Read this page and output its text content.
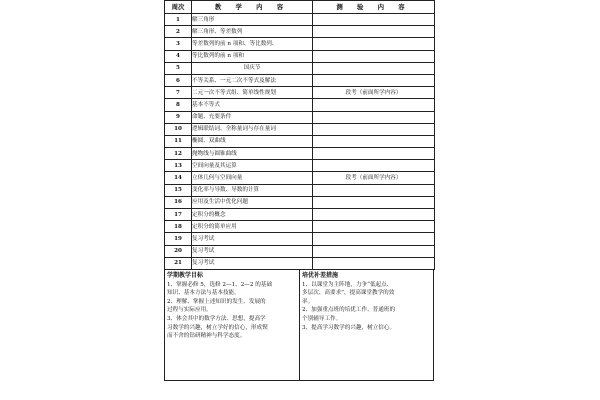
周次	教 学 内 容	测 验 内 容
1	解三角形	
2	解三角形、等差数列	
3	等差数列的前 n 项和、等比数列、	
4	等比数列的前 n 项和	
5	国庆节	
6	不等关系、一元二次不等式及解法	
7	二元一次不等式组、简单线性规划	段考（前面所学内容）
8	基本不等式	
9	命题、充要条件	
10	逻辑联结词、全称量词与存在量词	
11	椭圆、双曲线	
12	抛物线与圆锥曲线	
13	空间向量及其运算	
14	立体几何与空间向量	段考（前面所学内容）
15	变化率与导数、导数的计算	
16	应用及生活中优化问题	
17	定积分的概念	
18	定积分的简单应用	
19	复习考试	
20	复习考试	
21	复习考试	
学期教学目标
1、掌握必修 5，选修 2—1、2—2 的基础
知识、基本方法与基本技能。
2、理解、掌握上述知识的发生、发展的
过程与实际应用。
3、体会其中的数学方法、思想，提高学
习数学的兴趣，树立学好的信心，形成锲
而不舍的钻研精神与科学态度。
培优补差措施
1、以课堂为主阵地，力争“低起点、
多层次、高要求”，提高课堂教学的效
率。
2、加强重点班的培优工作、普通班的
个别辅导工作。
3、提高学习数学的兴趣，树立信心。
